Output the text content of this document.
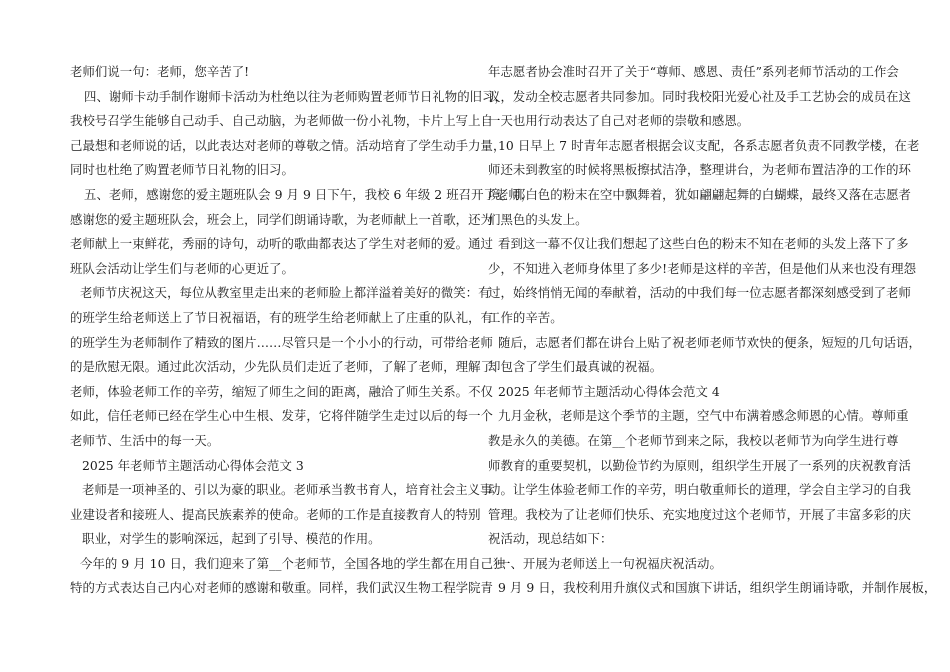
老师们说一句：老师，您辛苦了!
四、谢师卡动手制作谢师卡活动为杜绝以往为老师购置老师节日礼物的旧习，
我校号召学生能够自己动手、自己动脑，为老师做一份小礼物，卡片上写上自
己最想和老师说的话，以此表达对老师的尊敬之情。活动培育了学生动手力量，
同时也杜绝了购置老师节日礼物的旧习。
五、老师，感谢您的爱主题班队会 9 月 9 日下午，我校 6 年级 2 班召开了老师，
感谢您的爱主题班队会，班会上，同学们朗诵诗歌，为老师献上一首歌，还为
老师献上一束鲜花，秀丽的诗句，动听的歌曲都表达了学生对老师的爱。通过
班队会活动让学生们与老师的心更近了。
老师节庆祝这天，每位从教室里走出来的老师脸上都洋溢着美好的微笑：有
的班学生给老师送上了节日祝福语，有的班学生给老师献上了庄重的队礼，有
的班学生为老师制作了精致的图片……尽管只是一个小小的行动，可带给老师
的是欣慰无限。通过此次活动，少先队员们走近了老师，了解了老师，理解了
老师，体验老师工作的辛劳，缩短了师生之间的距离，融洽了师生关系。不仅
如此，信任老师已经在学生心中生根、发芽，它将伴随学生走过以后的每一个
老师节、生活中的每一天。
2025 年老师节主题活动心得体会范文 3
老师是一项神圣的、引以为豪的职业。老师承当教书育人，培育社会主义事
业建设者和接班人、提高民族素养的使命。老师的工作是直接教育人的特别
职业，对学生的影响深远，起到了引导、模范的作用。
今年的 9 月 10 日，我们迎来了第__个老师节，全国各地的学生都在用自己独
特的方式表达自己内心对老师的感谢和敬重。同样，我们武汉生物工程学院青
年志愿者协会准时召开了关于“尊师、感恩、责任”系列老师节活动的工作会
议，发动全校志愿者共同参加。同时我校阳光爱心社及手工艺协会的成员在这
一天也用行动表达了自己对老师的崇敬和感恩。
10 日早上 7 时青年志愿者根据会议支配，各系志愿者负责不同教学楼，在老
师还未到教室的时候将黑板擦拭洁净，整理讲台，为老师布置洁净的工作的环
境。那白色的粉末在空中飘舞着，犹如翩翩起舞的白蝴蝶，最终又落在志愿者
们黑色的头发上。
看到这一幕不仅让我们想起了这些白色的粉末不知在老师的头发上落下了多
少，不知进入老师身体里了多少!老师是这样的辛苦，但是他们从来也没有理怨
过，始终悄悄无闻的奉献着，活动的中我们每一位志愿者都深刻感受到了老师
工作的辛苦。
随后，志愿者们都在讲台上贴了祝老师老师节欢快的便条，短短的几句话语，
却包含了学生们最真诚的祝福。
2025 年老师节主题活动心得体会范文 4
九月金秋，老师是这个季节的主题，空气中布满着感念师恩的心情。尊师重
教是永久的美德。在第__个老师节到来之际，我校以老师节为向学生进行尊
师教育的重要契机，以勤俭节约为原则，组织学生开展了一系列的庆祝教育活
动。让学生体验老师工作的辛劳，明白敬重师长的道理，学会自主学习的自我
管理。我校为了让老师们快乐、充实地度过这个老师节，开展了丰富多彩的庆
祝活动，现总结如下：
一、开展为老师送上一句祝福庆祝活动。
9 月 9 日，我校利用升旗仪式和国旗下讲话，组织学生朗诵诗歌，并制作展板，
